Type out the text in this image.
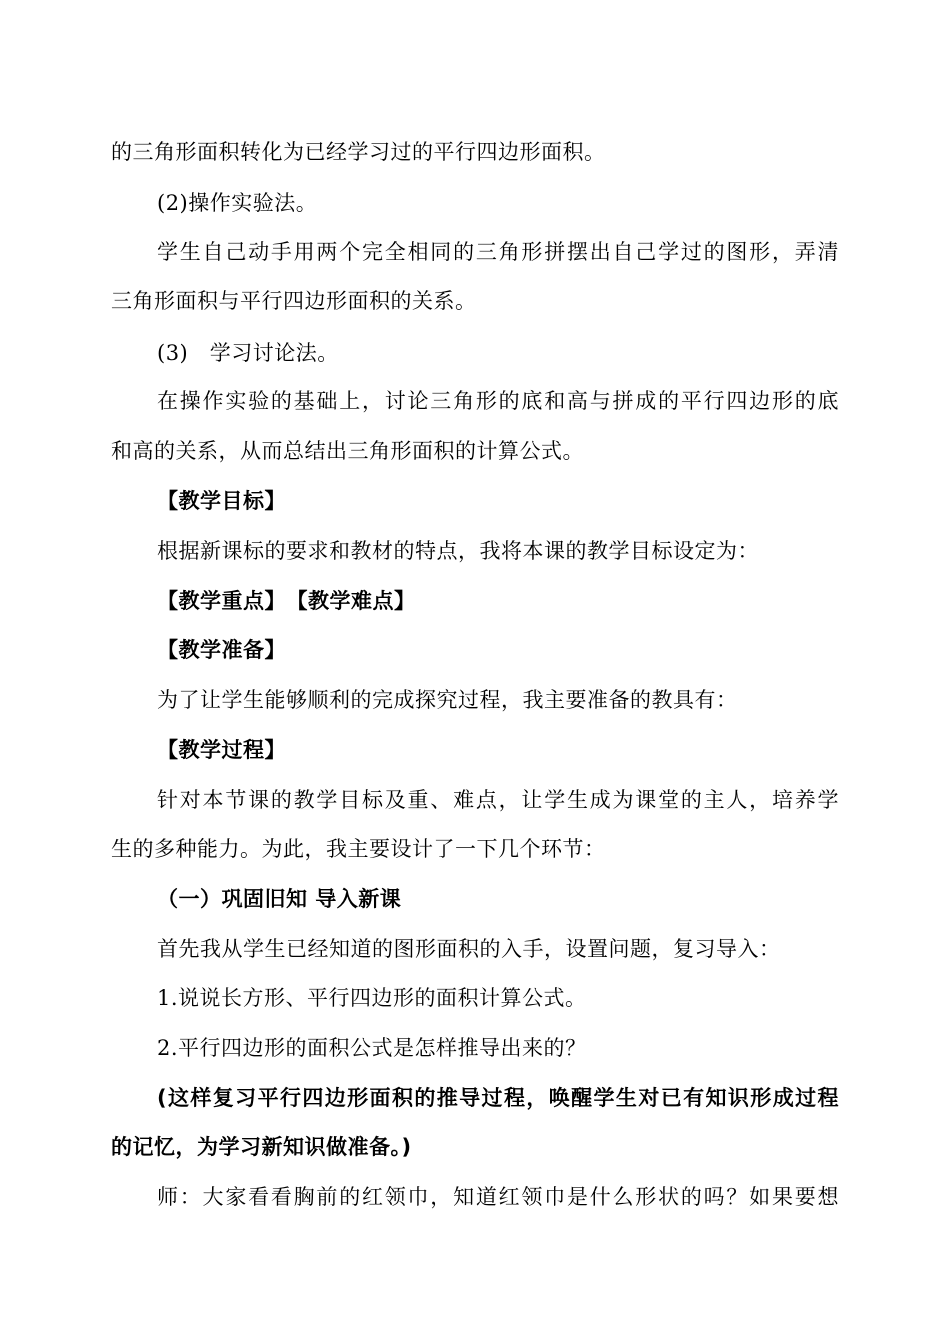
的三角形面积转化为已经学习过的平行四边形面积。
(2)操作实验法。
学生自己动手用两个完全相同的三角形拼摆出自己学过的图形，弄清
三角形面积与平行四边形面积的关系。
(3)　学习讨论法。
在操作实验的基础上，讨论三角形的底和高与拼成的平行四边形的底
和高的关系，从而总结出三角形面积的计算公式。
【教学目标】
根据新课标的要求和教材的特点，我将本课的教学目标设定为：
【教学重点】　【教学难点】
【教学准备】
为了让学生能够顺利的完成探究过程，我主要准备的教具有：
【教学过程】
针对本节课的教学目标及重、难点，让学生成为课堂的主人，培养学
生的多种能力。为此，我主要设计了一下几个环节：
（一）巩固旧知 导入新课
首先我从学生已经知道的图形面积的入手，设置问题，复习导入：
1.说说长方形、平行四边形的面积计算公式。
2.平行四边形的面积公式是怎样推导出来的？
(这样复习平行四边形面积的推导过程，唤醒学生对已有知识形成过程
的记忆，为学习新知识做准备。)
师：大家看看胸前的红领巾，知道红领巾是什么形状的吗？如果要想
